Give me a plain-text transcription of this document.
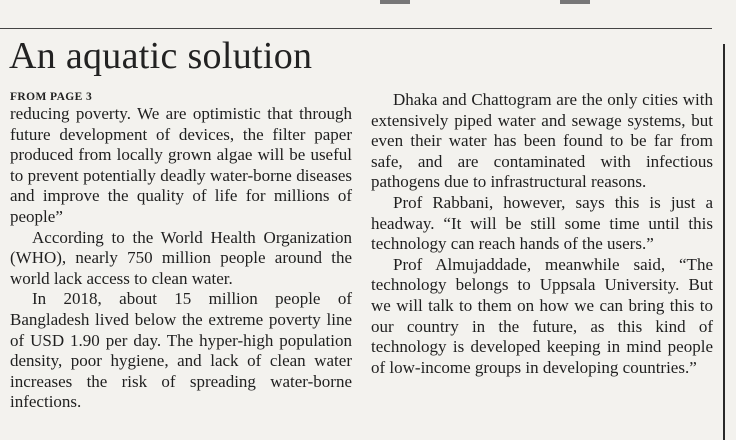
An aquatic solution
FROM PAGE 3

reducing poverty. We are optimistic that through future development of devices, the filter paper produced from locally grown algae will be useful to prevent potentially deadly water-borne diseases and improve the quality of life for millions of people”

According to the World Health Organization (WHO), nearly 750 million people around the world lack access to clean water.

In 2018, about 15 million people of Bangladesh lived below the extreme poverty line of USD 1.90 per day. The hyper-high population density, poor hygiene, and lack of clean water increases the risk of spreading water-borne infections.

Dhaka and Chattogram are the only cities with extensively piped water and sewage systems, but even their water has been found to be far from safe, and are contaminated with infectious pathogens due to infrastructural reasons.

Prof Rabbani, however, says this is just a headway. “It will be still some time until this technology can reach hands of the users.”

Prof Almujaddade, meanwhile said, “The technology belongs to Uppsala University. But we will talk to them on how we can bring this to our country in the future, as this kind of technology is developed keeping in mind people of low-income groups in developing countries.”
